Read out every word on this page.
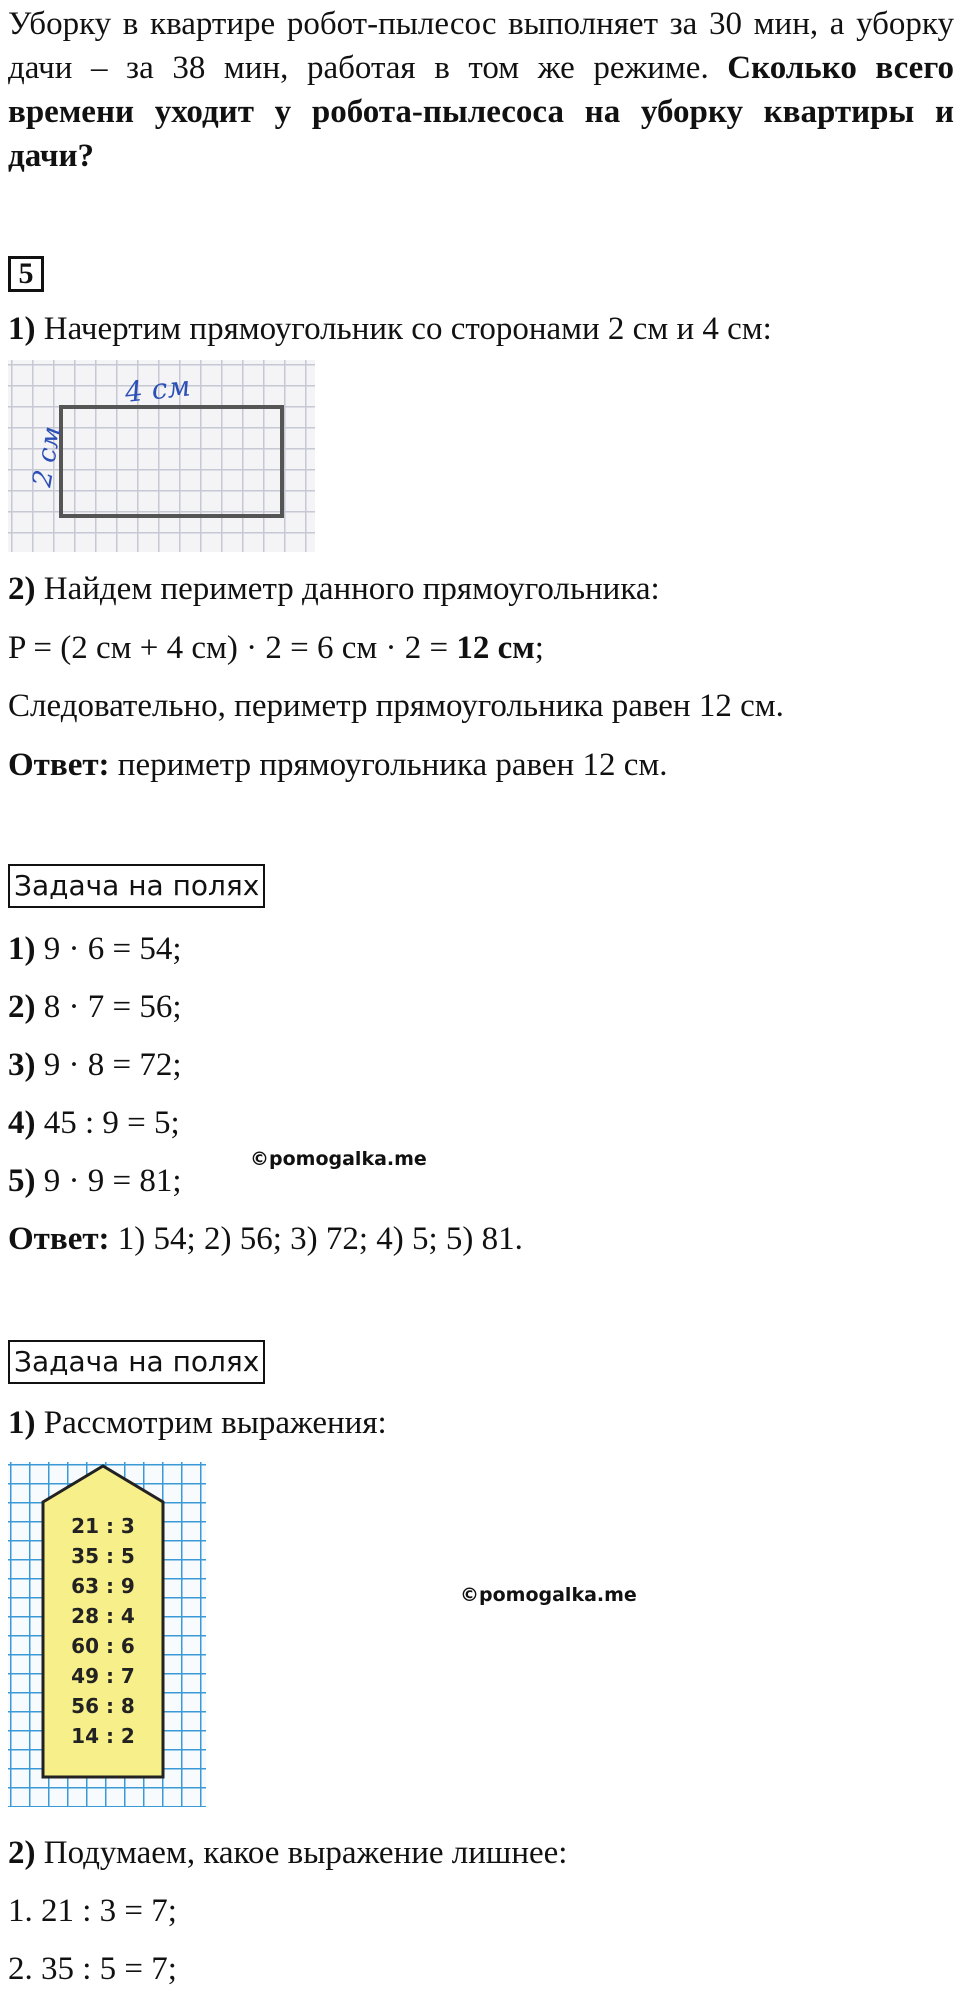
Уборку в квартире робот-пылесос выполняет за 30 мин, а уборку дачи – за 38 мин, работая в том же режиме. Сколько всего времени уходит у робота-пылесоса на уборку квартиры и дачи?

5
1) Начертим прямоугольник со сторонами 2 см и 4 см:
4 см
2 см
2) Найдем периметр данного прямоугольника:
P = (2 см + 4 см) · 2 = 6 см · 2 = 12 см;
Следовательно, периметр прямоугольника равен 12 см.
Ответ: периметр прямоугольника равен 12 см.
Задача на полях
1) 9 · 6 = 54;
2) 8 · 7 = 56;
3) 9 · 8 = 72;
4) 45 : 9 = 5;
5) 9 · 9 = 81;
©pomogalka.me
Ответ: 1) 54; 2) 56; 3) 72; 4) 5; 5) 81.
Задача на полях
1) Рассмотрим выражения:
21 : 3
35 : 5
63 : 9
28 : 4
60 : 6
49 : 7
56 : 8
14 : 2
©pomogalka.me
2) Подумаем, какое выражение лишнее:
1. 21 : 3 = 7;
2. 35 : 5 = 7;
